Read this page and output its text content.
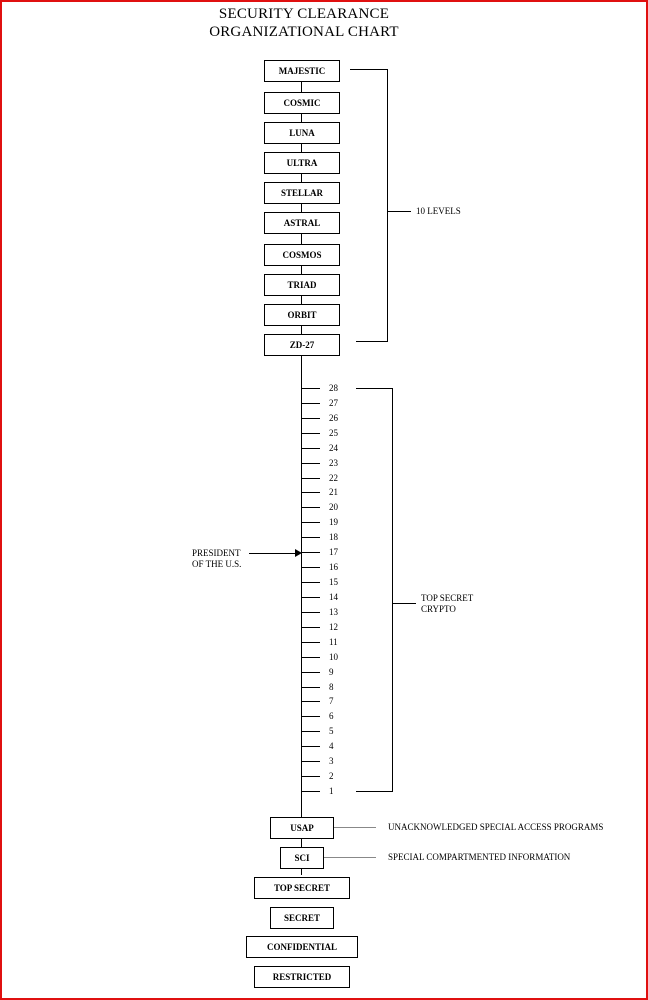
SECURITY CLEARANCE
ORGANIZATIONAL CHART
MAJESTIC
COSMIC
LUNA
ULTRA
STELLAR
ASTRAL
COSMOS
TRIAD
ORBIT
ZD-27
10 LEVELS
28
27
26
25
24
23
22
21
20
19
18
17
16
15
14
13
12
11
10
9
8
7
6
5
4
3
2
1
TOP SECRET
CRYPTO
PRESIDENT
OF THE U.S.
USAP
SCI
TOP SECRET
SECRET
CONFIDENTIAL
RESTRICTED
UNACKNOWLEDGED SPECIAL ACCESS PROGRAMS
SPECIAL COMPARTMENTED INFORMATION
